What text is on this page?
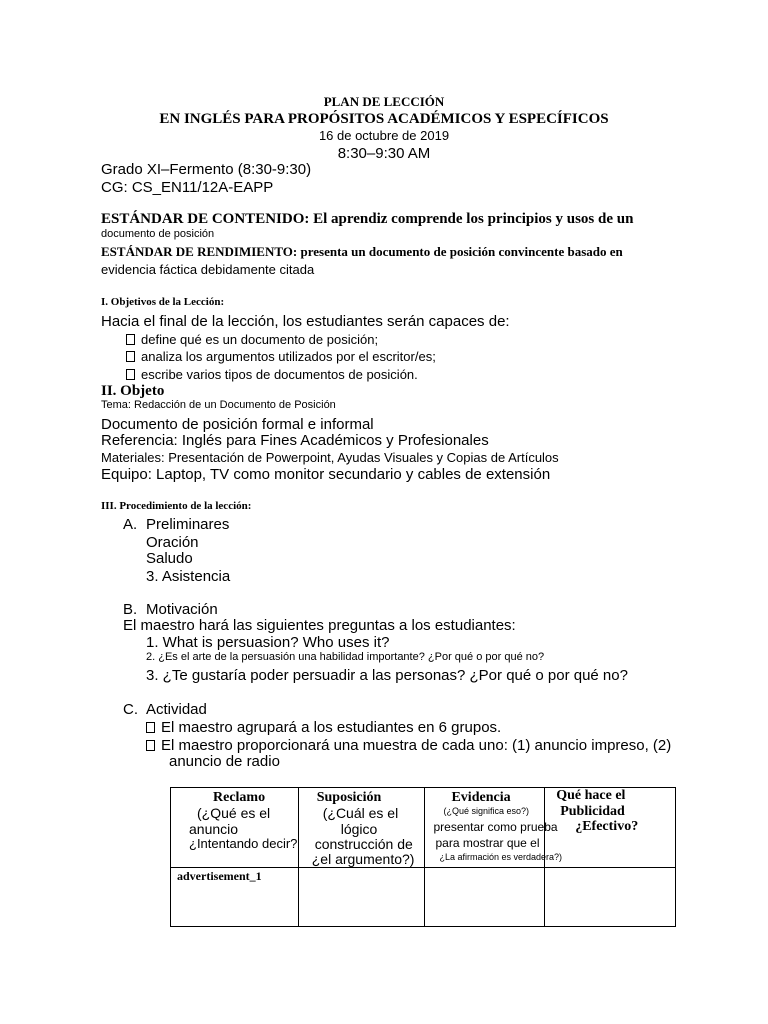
PLAN DE LECCIÓN
EN INGLÉS PARA PROPÓSITOS ACADÉMICOS Y ESPECÍFICOS
16 de octubre de 2019
8:30–9:30 AM
Grado XI–Fermento (8:30-9:30)
CG: CS_EN11/12A-EAPP
ESTÁNDAR DE CONTENIDO: El aprendiz comprende los principios y usos de un
documento de posición
ESTÁNDAR DE RENDIMIENTO: presenta un documento de posición convincente basado en
evidencia fáctica debidamente citada
I. Objetivos de la Lección:
Hacia el final de la lección, los estudiantes serán capaces de:
define qué es un documento de posición;
analiza los argumentos utilizados por el escritor/es;
escribe varios tipos de documentos de posición.
II. Objeto
Tema: Redacción de un Documento de Posición
Documento de posición formal e informal
Referencia: Inglés para Fines Académicos y Profesionales
Materiales: Presentación de Powerpoint, Ayudas Visuales y Copias de Artículos
Equipo: Laptop, TV como monitor secundario y cables de extensión
III. Procedimiento de la lección:
A. Preliminares
Oración
Saludo
3. Asistencia
B. Motivación
El maestro hará las siguientes preguntas a los estudiantes:
1. What is persuasion? Who uses it?
2. ¿Es el arte de la persuasión una habilidad importante? ¿Por qué o por qué no?
3. ¿Te gustaría poder persuadir a las personas? ¿Por qué o por qué no?
C. Actividad
El maestro agrupará a los estudiantes en 6 grupos.
El maestro proporcionará una muestra de cada uno: (1) anuncio impreso, (2)
anuncio de radio
Reclamo
(¿Qué es el
anuncio
¿Intentando decir?	Suposición
(¿Cuál es el
lógico
construcción de
¿el argumento?)	Evidencia
(¿Qué significa eso?)
presentar como prueba
para mostrar que el
¿La afirmación es verdadera?)	Qué hace el
Publicidad
¿Efectivo?

advertisement_1			
